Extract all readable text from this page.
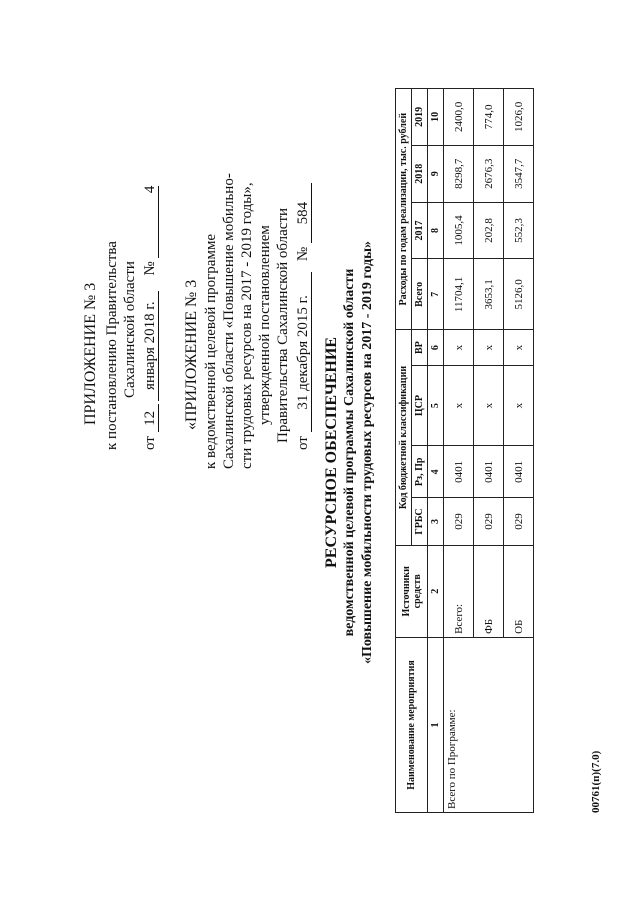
ПРИЛОЖЕНИЕ № 3 к постановлению Правительства Сахалинской области
от 12 января 2018 г.    № 4
«ПРИЛОЖЕНИЕ № 3 к ведомственной целевой программе Сахалинской области «Повышение мобильно- сти трудовых ресурсов на 2017 - 2019 годы», утвержденной постановлением Правительства Сахалинской области
от 31 декабря 2015 г.   № 584
РЕСУРСНОЕ ОБЕСПЕЧЕНИЕ ведомственной целевой программы Сахалинской области «Повышение мобильности трудовых ресурсов на 2017 - 2019 годы»
Наименование мероприятия	Источники средств	Код бюджетной классификации				Расходы по годам реализации, тыс. рублей			
		ГРБС	Рз, Пр	ЦСР	ВР	Всего	2017	2018	2019
1	2	3	4	5	6	7	8	9	10
Всего по Программе:	Всего:	029	0401	х	х	11704,1	1005,4	8298,7	2400,0
	ФБ	029	0401	х	х	3653,1	202,8	2676,3	774,0
	ОБ	029	0401	х	х	5126,0	552,3	3547,7	1026,0
00761(п)(7.0)
